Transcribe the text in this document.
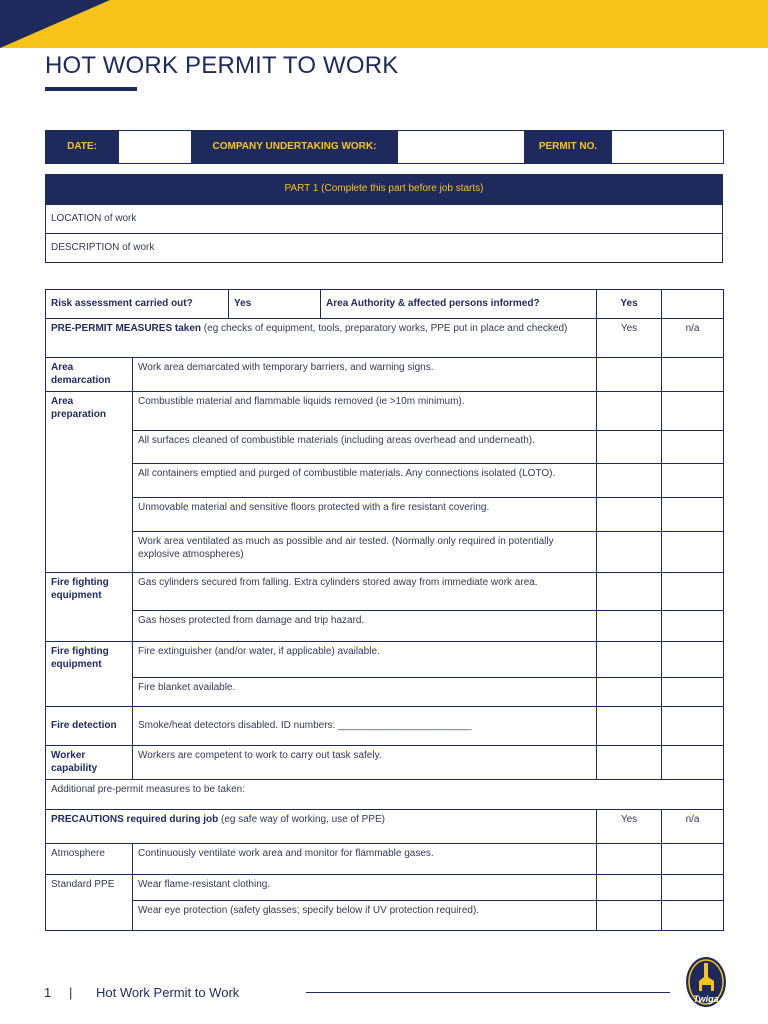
HOT WORK PERMIT TO WORK
DATE:		COMPANY UNDERTAKING WORK:		PERMIT NO.	
PART 1 (Complete this part before job starts)
LOCATION of work
DESCRIPTION of work
Risk assessment carried out?		Yes	Area Authority & affected persons informed?	Yes	
PRE-PERMIT MEASURES taken (eg checks of equipment, tools, preparatory works, PPE put in place and checked)				Yes	n/a
Area demarcation	Work area demarcated with temporary barriers, and warning signs.				
Area preparation	Combustible material and flammable liquids removed (ie >10m minimum).				
	All surfaces cleaned of combustible materials (including areas overhead and underneath).				
	All containers emptied and purged of combustible materials. Any connections isolated (LOTO).				
	Unmovable material and sensitive floors protected with a fire resistant covering.				
	Work area ventilated as much as possible and air tested. (Normally only required in potentially explosive atmospheres)				
Fire fighting equipment	Gas cylinders secured from falling. Extra cylinders stored away from immediate work area.				
	Gas hoses protected from damage and trip hazard.				
Fire fighting equipment	Fire extinguisher (and/or water, if applicable) available.				
	Fire blanket available.				
Fire detection	Smoke/heat detectors disabled. ID numbers: ________________________				
Worker capability	Workers are competent to work to carry out task safely.				
Additional pre-permit measures to be taken:					
PRECAUTIONS required during job (eg safe way of working, use of PPE)				Yes	n/a
Atmosphere	Continuously ventilate work area and monitor for flammable gases.				
Standard PPE	Wear flame-resistant clothing.				
	Wear eye protection (safety glasses; specify below if UV protection required).				
1 | Hot Work Permit to Work	Twiga
